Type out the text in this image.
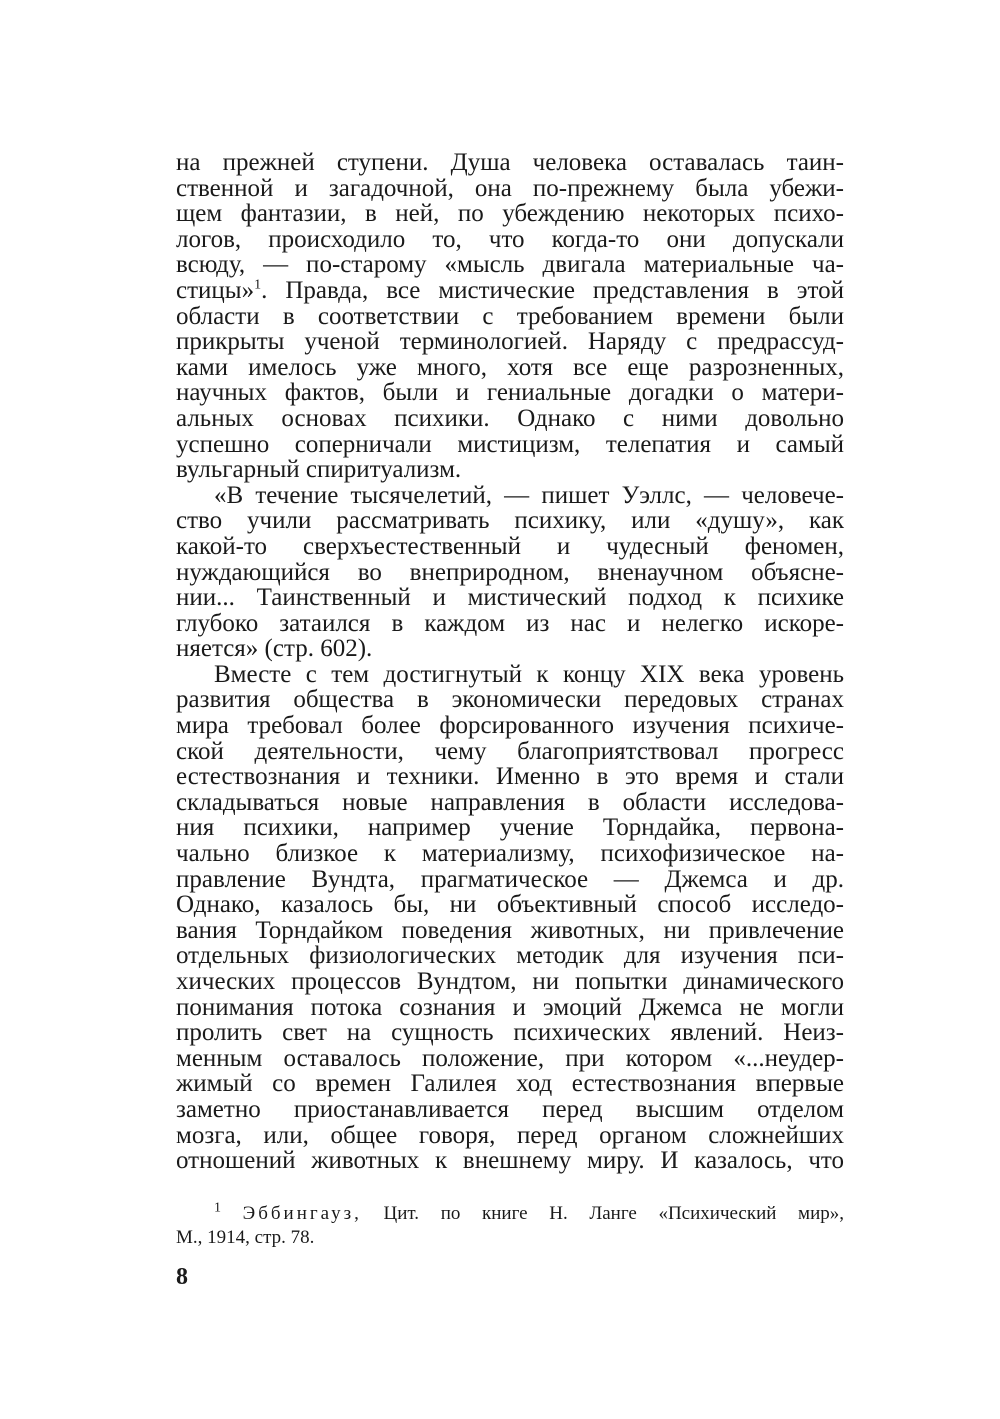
на прежней ступени. Душа человека оставалась таин-
ственной и загадочной, она по-прежнему была убежи-
щем фантазии, в ней, по убеждению некоторых психо-
логов, происходило то, что когда-то они допускали
всюду, — по-старому «мысль двигала материальные ча-
стицы»$^1$. Правда, все мистические представления в этой
области в соответствии с требованием времени были
прикрыты ученой терминологией. Наряду с предрассуд-
ками имелось уже много, хотя все еще разрозненных,
научных фактов, были и гениальные догадки о матери-
альных основах психики. Однако с ними довольно
успешно соперничали мистицизм, телепатия и самый
вульгарный спиритуализм.
«В течение тысячелетий, — пишет Уэллс, — человече-
ство учили рассматривать психику, или «душу», как
какой-то сверхъестественный и чудесный феномен,
нуждающийся во внеприродном, вненаучном объясне-
нии... Таинственный и мистический подход к психике
глубоко затаился в каждом из нас и нелегко искоре-
няется» (стр. 602).
Вместе с тем достигнутый к концу XIX века уровень
развития общества в экономически передовых странах
мира требовал более форсированного изучения психиче-
ской деятельности, чему благоприятствовал прогресс
естествознания и техники. Именно в это время и стали
складываться новые направления в области исследова-
ния психики, например учение Торндайка, первона-
чально близкое к материализму, психофизическое на-
правление Вундта, прагматическое — Джемса и др.
Однако, казалось бы, ни объективный способ исследо-
вания Торндайком поведения животных, ни привлечение
отдельных физиологических методик для изучения пси-
хических процессов Вундтом, ни попытки динамического
понимания потока сознания и эмоций Джемса не могли
пролить свет на сущность психических явлений. Неиз-
менным оставалось положение, при котором «...неудер-
жимый со времен Галилея ход естествознания впервые
заметно приостанавливается перед высшим отделом
мозга, или, общее говоря, перед органом сложнейших
отношений животных к внешнему миру. И казалось, что
$^1$ Эббингауз, Цит. по книге Н. Ланге «Психический мир»,
М., 1914, стр. 78.
8
